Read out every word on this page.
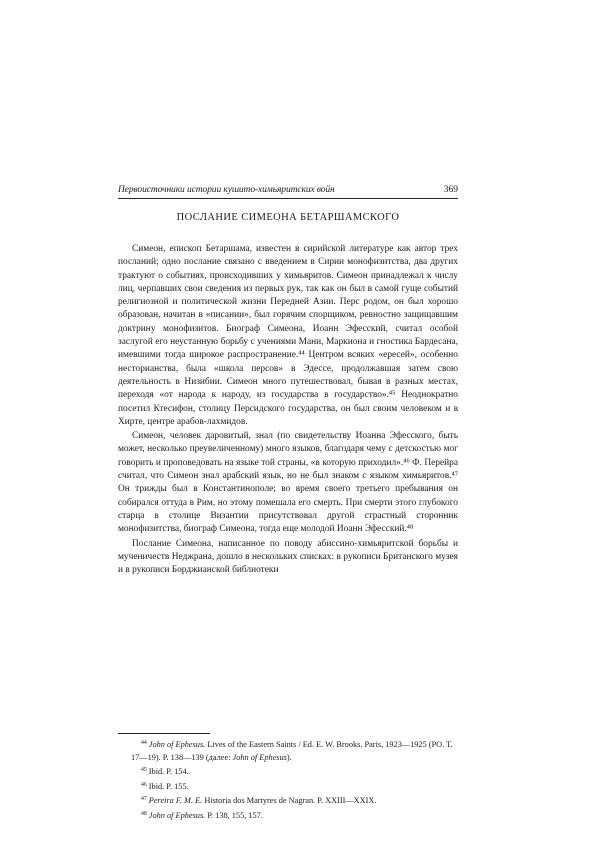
Первоисточники истории кушито-химьяритских войн	369
ПОСЛАНИЕ СИМЕОНА БЕТАРШАМСКОГО

Симеон, епископ Бетаршама, известен в сирийской литературе как автор трех посланий; одно послание связано с введением в Сирии монофизитства, два других трактуют о событиях, происходивших у химьяритов. Симеон принадлежал к числу лиц, черпавших свои сведения из первых рук, так как он был в самой гуще событий религиозной и политической жизни Передней Азии. Перс родом, он был хорошо образован, начитан в «писании», был горячим спорщиком, ревностно защищавшим доктрину монофизитов. Биограф Симеона, Иоанн Эфесский, считал особой заслугой его неустанную борьбу с учениями Мани, Маркиона и гностика Бардесана, имевшими тогда широкое распространение.⁴⁴ Центром всяких «ересей», особенно несторианства, была «школа персов» в Эдессе, продолжавшая затем свою деятельность в Низибии. Симеон много путешествовал, бывая в разных местах, переходя «от народа к народу, из государства в государство».⁴⁵ Неоднократно посетил Ктесифон, столицу Персидского государства, он был своим человеком и в Хирте, центре арабов-лахмидов.

Симеон, человек даровитый, знал (по свидетельству Иоанна Эфесского, быть может, несколько преувеличенному) много языков, благодаря чему с детскостью мог говорить и проповедовать на языке той страны, «в которую приходил».⁴⁶ Ф. Перейра считал, что Симеон знал арабский язык, но не был знаком с языком химьяритов.⁴⁷ Он трижды был в Константинополе; во время своего третьего пребывания он собирался оттуда в Рим, но этому помешала его смерть. При смерти этого глубокого старца в столице Византии присутствовал другой страстный сторонник монофизитства, биограф Симеона, тогда еще молодой Иоанн Эфесский.⁴⁸

Послание Симеона, написанное по поводу абиссино-химьяритской борьбы и мученичеств Неджрана, дошло в нескольких списках: в рукописи Британского музея и в рукописи Борджианской библиотеки

$^{44}$ John of Ephesus. Lives of the Eastern Saints / Ed. E. W. Brooks. Paris, 1923—1925 (PO. T. 17—19). P. 138—139 (далее: John of Ephesus).

$^{45}$ Ibid. P. 154.

$^{46}$ Ibid. P. 155.

$^{47}$ Pereira F. M. E. Historia dos Martyres de Nagran. P. XXIII—XXIX.

$^{48}$ John of Ephesus. P. 138, 155, 157.
